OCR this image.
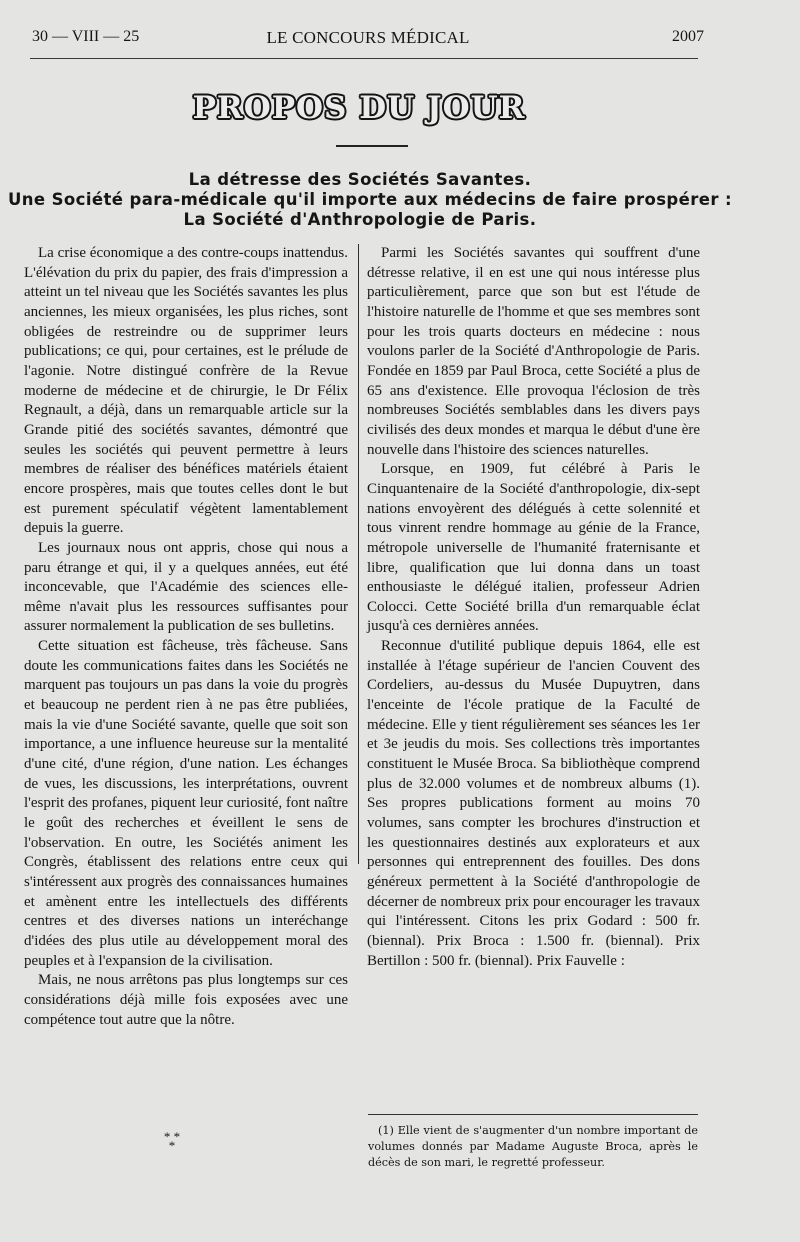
30 — VIII — 25	LE CONCOURS MÉDICAL	2007
PROPOS DU JOUR
La détresse des Sociétés Savantes.
Une Société para-médicale qu'il importe aux médecins de faire prospérer :
La Société d'Anthropologie de Paris.

La crise économique a des contre-coups inattendus. L'élévation du prix du papier, des frais d'impression a atteint un tel niveau que les Sociétés savantes les plus anciennes, les mieux organisées, les plus riches, sont obligées de restreindre ou de supprimer leurs publications; ce qui, pour certaines, est le prélude de l'agonie. Notre distingué confrère de la Revue moderne de médecine et de chirurgie, le Dr Félix Regnault, a déjà, dans un remarquable article sur la Grande pitié des sociétés savantes, démontré que seules les sociétés qui peuvent permettre à leurs membres de réaliser des bénéfices matériels étaient encore prospères, mais que toutes celles dont le but est purement spéculatif végètent lamentablement depuis la guerre.

Les journaux nous ont appris, chose qui nous a paru étrange et qui, il y a quelques années, eut été inconcevable, que l'Académie des sciences elle-même n'avait plus les ressources suffisantes pour assurer normalement la publication de ses bulletins.

Cette situation est fâcheuse, très fâcheuse. Sans doute les communications faites dans les Sociétés ne marquent pas toujours un pas dans la voie du progrès et beaucoup ne perdent rien à ne pas être publiées, mais la vie d'une Société savante, quelle que soit son importance, a une influence heureuse sur la mentalité d'une cité, d'une région, d'une nation. Les échanges de vues, les discussions, les interprétations, ouvrent l'esprit des profanes, piquent leur curiosité, font naître le goût des recherches et éveillent le sens de l'observation. En outre, les Sociétés animent les Congrès, établissent des relations entre ceux qui s'intéressent aux progrès des connaissances humaines et amènent entre les intellectuels des différents centres et des diverses nations un interéchange d'idées des plus utile au développement moral des peuples et à l'expansion de la civilisation.

Mais, ne nous arrêtons pas plus longtemps sur ces considérations déjà mille fois exposées avec une compétence tout autre que la nôtre.

* * *

Parmi les Sociétés savantes qui souffrent d'une détresse relative, il en est une qui nous intéresse plus particulièrement, parce que son but est l'étude de l'histoire naturelle de l'homme et que ses membres sont pour les trois quarts docteurs en médecine : nous voulons parler de la Société d'Anthropologie de Paris. Fondée en 1859 par Paul Broca, cette Société a plus de 65 ans d'existence. Elle provoqua l'éclosion de très nombreuses Sociétés semblables dans les divers pays civilisés des deux mondes et marqua le début d'une ère nouvelle dans l'histoire des sciences naturelles.

Lorsque, en 1909, fut célébré à Paris le Cinquantenaire de la Société d'anthropologie, dix-sept nations envoyèrent des délégués à cette solennité et tous vinrent rendre hommage au génie de la France, métropole universelle de l'humanité fraternisante et libre, qualification que lui donna dans un toast enthousiaste le délégué italien, professeur Adrien Colocci. Cette Société brilla d'un remarquable éclat jusqu'à ces dernières années.

Reconnue d'utilité publique depuis 1864, elle est installée à l'étage supérieur de l'ancien Couvent des Cordeliers, au-dessus du Musée Dupuytren, dans l'enceinte de l'école pratique de la Faculté de médecine. Elle y tient régulièrement ses séances les 1er et 3e jeudis du mois. Ses collections très importantes constituent le Musée Broca. Sa bibliothèque comprend plus de 32.000 volumes et de nombreux albums (1). Ses propres publications forment au moins 70 volumes, sans compter les brochures d'instruction et les questionnaires destinés aux explorateurs et aux personnes qui entreprennent des fouilles. Des dons généreux permettent à la Société d'anthropologie de décerner de nombreux prix pour encourager les travaux qui l'intéressent. Citons les prix Godard : 500 fr. (biennal). Prix Broca : 1.500 fr. (biennal). Prix Bertillon : 500 fr. (biennal). Prix Fauvelle :

(1) Elle vient de s'augmenter d'un nombre important de volumes donnés par Madame Auguste Broca, après le décès de son mari, le regretté professeur.
